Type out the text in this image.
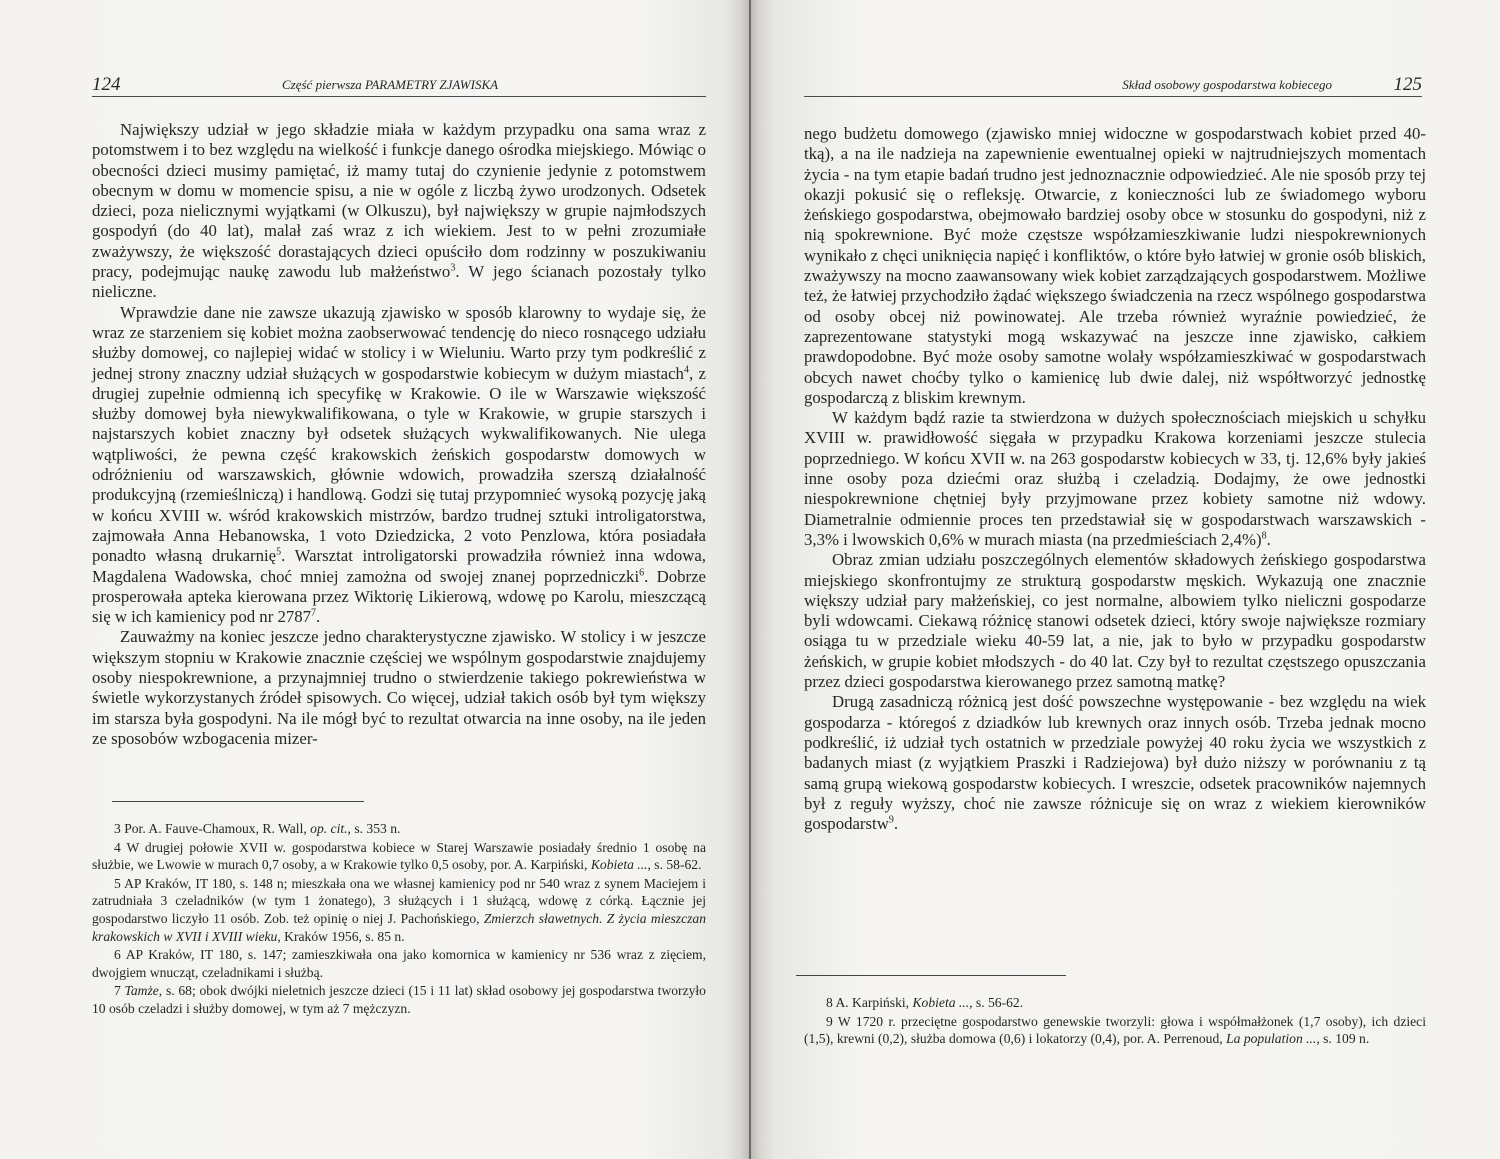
124	Część pierwsza PARAMETRY ZJAWISKA

Największy udział w jego składzie miała w każdym przypadku ona sama wraz z potomstwem i to bez względu na wielkość i funkcje danego ośrodka miejskiego. Mówiąc o obecności dzieci musimy pamiętać, iż mamy tutaj do czynienie jedynie z potomstwem obecnym w domu w momencie spisu, a nie w ogóle z liczbą żywo urodzonych. Odsetek dzieci, poza nielicznymi wyjątkami (w Olkuszu), był największy w grupie najmłodszych gospodyń (do 40 lat), malał zaś wraz z ich wiekiem. Jest to w pełni zrozumiałe zważywszy, że większość dorastających dzieci opuściło dom rodzinny w poszukiwaniu pracy, podejmując naukę zawodu lub małżeństwo$^3$. W jego ścianach pozostały tylko nieliczne.

Wprawdzie dane nie zawsze ukazują zjawisko w sposób klarowny to wydaje się, że wraz ze starzeniem się kobiet można zaobserwować tendencję do nieco rosnącego udziału służby domowej, co najlepiej widać w stolicy i w Wieluniu. Warto przy tym podkreślić z jednej strony znaczny udział służących w gospodarstwie kobiecym w dużym miastach$^4$, z drugiej zupełnie odmienną ich specyfikę w Krakowie. O ile w Warszawie większość służby domowej była niewykwalifikowana, o tyle w Krakowie, w grupie starszych i najstarszych kobiet znaczny był odsetek służących wykwalifikowanych. Nie ulega wątpliwości, że pewna część krakowskich żeńskich gospodarstw domowych w odróżnieniu od warszawskich, głównie wdowich, prowadziła szerszą działalność produkcyjną (rzemieślniczą) i handlową. Godzi się tutaj przypomnieć wysoką pozycję jaką w końcu XVIII w. wśród krakowskich mistrzów, bardzo trudnej sztuki introligatorstwa, zajmowała Anna Hebanowska, 1 voto Dziedzicka, 2 voto Penzlowa, która posiadała ponadto własną drukarnię$^5$. Warsztat introligatorski prowadziła również inna wdowa, Magdalena Wadowska, choć mniej zamożna od swojej znanej poprzedniczki$^6$. Dobrze prosperowała apteka kierowana przez Wiktorię Likierową, wdowę po Karolu, mieszczącą się w ich kamienicy pod nr 2787$^7$.

Zauważmy na koniec jeszcze jedno charakterystyczne zjawisko. W stolicy i w jeszcze większym stopniu w Krakowie znacznie częściej we wspólnym gospodarstwie znajdujemy osoby niespokrewnione, a przynajmniej trudno o stwierdzenie takiego pokrewieństwa w świetle wykorzystanych źródeł spisowych. Co więcej, udział takich osób był tym większy im starsza była gospodyni. Na ile mógł być to rezultat otwarcia na inne osoby, na ile jeden ze sposobów wzbogacenia mizer-

3 Por. A. Fauve-Chamoux, R. Wall, op. cit., s. 353 n.

4 W drugiej połowie XVII w. gospodarstwa kobiece w Starej Warszawie posiadały średnio 1 osobę na służbie, we Lwowie w murach 0,7 osoby, a w Krakowie tylko 0,5 osoby, por. A. Karpiński, Kobieta ..., s. 58-62.

5 AP Kraków, IT 180, s. 148 n; mieszkała ona we własnej kamienicy pod nr 540 wraz z synem Maciejem i zatrudniała 3 czeladników (w tym 1 żonatego), 3 służących i 1 służącą, wdowę z córką. Łącznie jej gospodarstwo liczyło 11 osób. Zob. też opinię o niej J. Pachońskiego, Zmierzch sławetnych. Z życia mieszczan krakowskich w XVII i XVIII wieku, Kraków 1956, s. 85 n.

6 AP Kraków, IT 180, s. 147; zamieszkiwała ona jako komornica w kamienicy nr 536 wraz z zięciem, dwojgiem wnucząt, czeladnikami i służbą.

7 Tamże, s. 68; obok dwójki nieletnich jeszcze dzieci (15 i 11 lat) skład osobowy jej gospodarstwa tworzyło 10 osób czeladzi i służby domowej, w tym aż 7 mężczyzn.

Skład osobowy gospodarstwa kobiecego	125

nego budżetu domowego (zjawisko mniej widoczne w gospodarstwach kobiet przed 40-tką), a na ile nadzieja na zapewnienie ewentualnej opieki w najtrudniejszych momentach życia - na tym etapie badań trudno jest jednoznacznie odpowiedzieć. Ale nie sposób przy tej okazji pokusić się o refleksję. Otwarcie, z konieczności lub ze świadomego wyboru żeńskiego gospodarstwa, obejmowało bardziej osoby obce w stosunku do gospodyni, niż z nią spokrewnione. Być może częstsze współzamieszkiwanie ludzi niespokrewnionych wynikało z chęci uniknięcia napięć i konfliktów, o które było łatwiej w gronie osób bliskich, zważywszy na mocno zaawansowany wiek kobiet zarządzających gospodarstwem. Możliwe też, że łatwiej przychodziło żądać większego świadczenia na rzecz wspólnego gospodarstwa od osoby obcej niż powinowatej. Ale trzeba również wyraźnie powiedzieć, że zaprezentowane statystyki mogą wskazywać na jeszcze inne zjawisko, całkiem prawdopodobne. Być może osoby samotne wolały współzamieszkiwać w gospodarstwach obcych nawet choćby tylko o kamienicę lub dwie dalej, niż współtworzyć jednostkę gospodarczą z bliskim krewnym.

W każdym bądź razie ta stwierdzona w dużych społecznościach miejskich u schyłku XVIII w. prawidłowość sięgała w przypadku Krakowa korzeniami jeszcze stulecia poprzedniego. W końcu XVII w. na 263 gospodarstw kobiecych w 33, tj. 12,6% były jakieś inne osoby poza dziećmi oraz służbą i czeladzią. Dodajmy, że owe jednostki niespokrewnione chętniej były przyjmowane przez kobiety samotne niż wdowy. Diametralnie odmiennie proces ten przedstawiał się w gospodarstwach warszawskich - 3,3% i lwowskich 0,6% w murach miasta (na przedmieściach 2,4%)$^8$.

Obraz zmian udziału poszczególnych elementów składowych żeńskiego gospodarstwa miejskiego skonfrontujmy ze strukturą gospodarstw męskich. Wykazują one znacznie większy udział pary małżeńskiej, co jest normalne, albowiem tylko nieliczni gospodarze byli wdowcami. Ciekawą różnicę stanowi odsetek dzieci, który swoje największe rozmiary osiąga tu w przedziale wieku 40-59 lat, a nie, jak to było w przypadku gospodarstw żeńskich, w grupie kobiet młodszych - do 40 lat. Czy był to rezultat częstszego opuszczania przez dzieci gospodarstwa kierowanego przez samotną matkę?

Drugą zasadniczą różnicą jest dość powszechne występowanie - bez względu na wiek gospodarza - któregoś z dziadków lub krewnych oraz innych osób. Trzeba jednak mocno podkreślić, iż udział tych ostatnich w przedziale powyżej 40 roku życia we wszystkich z badanych miast (z wyjątkiem Praszki i Radziejowa) był dużo niższy w porównaniu z tą samą grupą wiekową gospodarstw kobiecych. I wreszcie, odsetek pracowników najemnych był z reguły wyższy, choć nie zawsze różnicuje się on wraz z wiekiem kierowników gospodarstw$^9$.

8 A. Karpiński, Kobieta ..., s. 56-62.

9 W 1720 r. przeciętne gospodarstwo genewskie tworzyli: głowa i współmałżonek (1,7 osoby), ich dzieci (1,5), krewni (0,2), służba domowa (0,6) i lokatorzy (0,4), por. A. Perrenoud, La population ..., s. 109 n.
